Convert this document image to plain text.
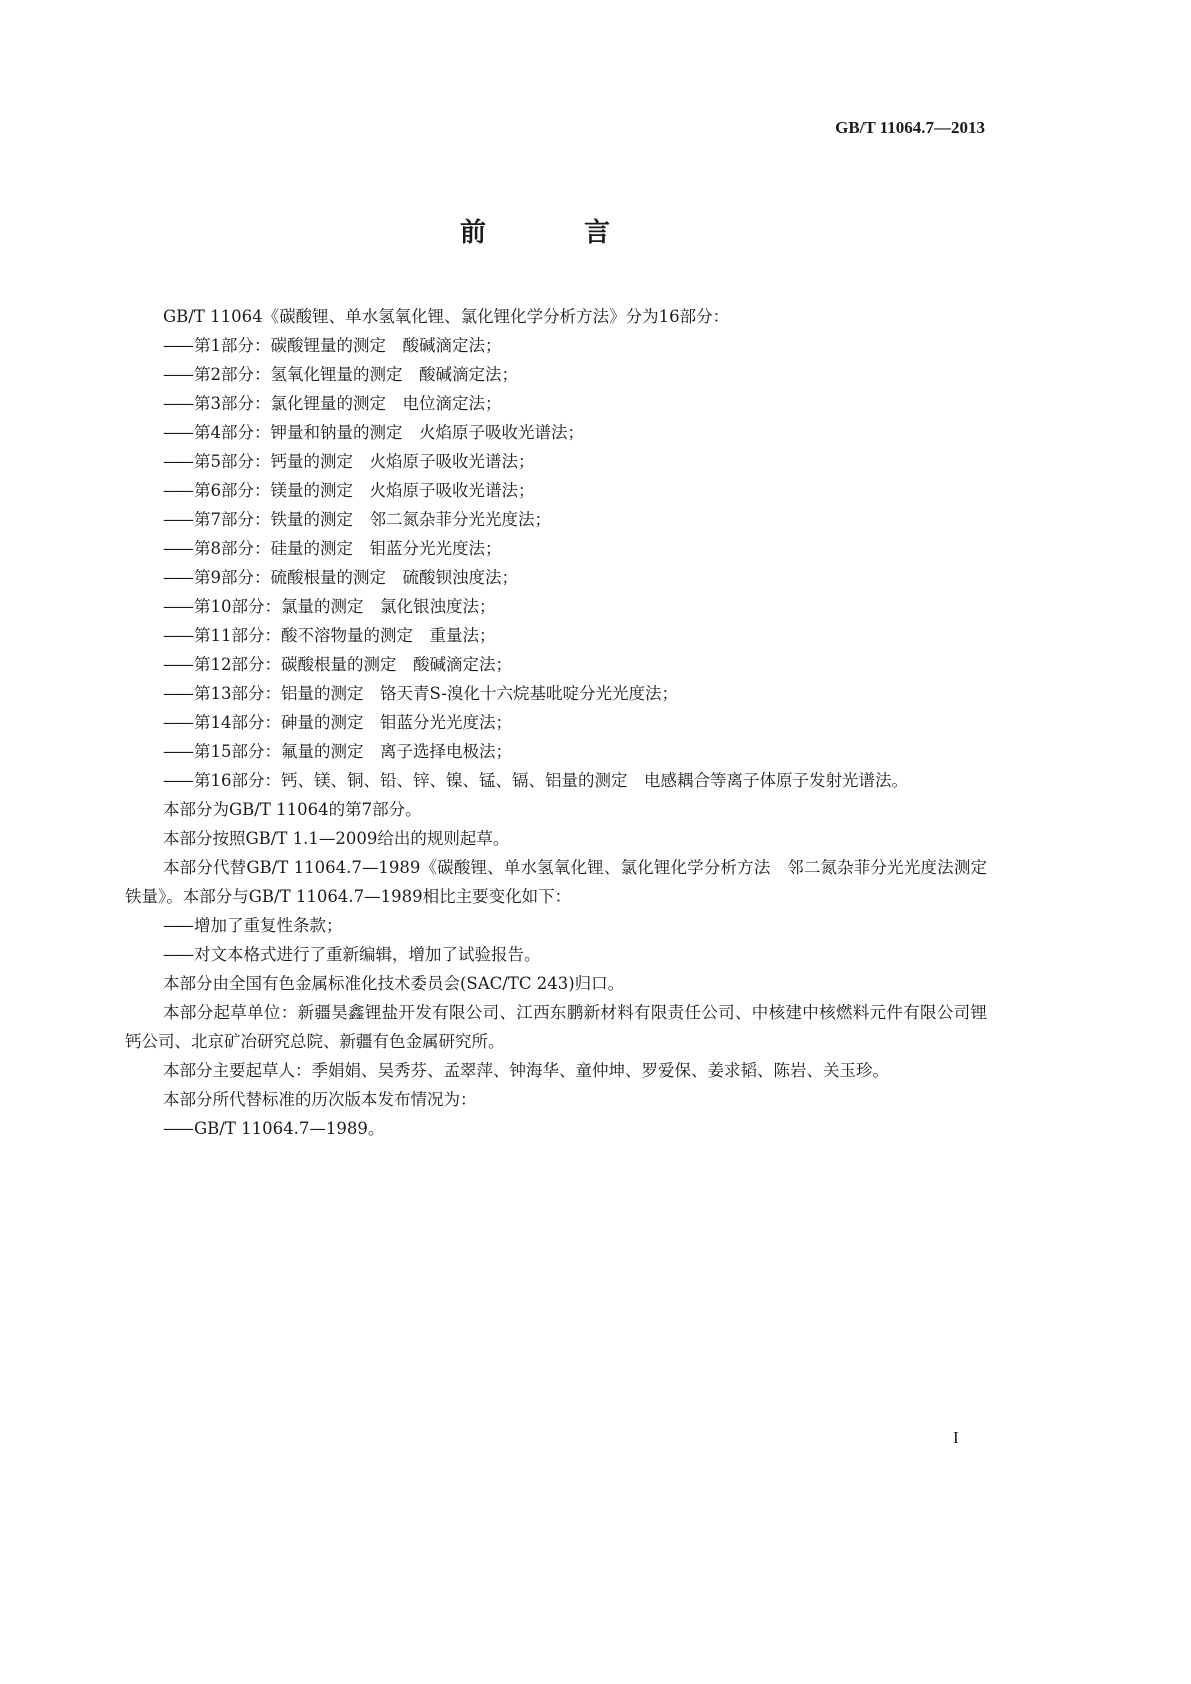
GB/T 11064.7—2013
前　言

GB/T 11064《碳酸锂、单水氢氧化锂、氯化锂化学分析方法》分为16部分：

—— 第1部分：碳酸锂量的测定　酸碱滴定法；

—— 第2部分：氢氧化锂量的测定　酸碱滴定法；

—— 第3部分：氯化锂量的测定　电位滴定法；

—— 第4部分：钾量和钠量的测定　火焰原子吸收光谱法；

—— 第5部分：钙量的测定　火焰原子吸收光谱法；

—— 第6部分：镁量的测定　火焰原子吸收光谱法；

—— 第7部分：铁量的测定　邻二氮杂菲分光光度法；

—— 第8部分：硅量的测定　钼蓝分光光度法；

—— 第9部分：硫酸根量的测定　硫酸钡浊度法；

—— 第10部分：氯量的测定　氯化银浊度法；

—— 第11部分：酸不溶物量的测定　重量法；

—— 第12部分：碳酸根量的测定　酸碱滴定法；

—— 第13部分：铝量的测定　铬天青S-溴化十六烷基吡啶分光光度法；

—— 第14部分：砷量的测定　钼蓝分光光度法；

—— 第15部分：氟量的测定　离子选择电极法；

—— 第16部分：钙、镁、铜、铅、锌、镍、锰、镉、铝量的测定　电感耦合等离子体原子发射光谱法。

本部分为GB/T 11064的第7部分。

本部分按照GB/T 1.1—2009给出的规则起草。

本部分代替GB/T 11064.7—1989《碳酸锂、单水氢氧化锂、氯化锂化学分析方法　邻二氮杂菲分光光度法测定铁量》。本部分与GB/T 11064.7—1989相比主要变化如下：

—— 增加了重复性条款；

—— 对文本格式进行了重新编辑，增加了试验报告。

本部分由全国有色金属标准化技术委员会(SAC/TC 243)归口。

本部分起草单位：新疆昊鑫锂盐开发有限公司、江西东鹏新材料有限责任公司、中核建中核燃料元件有限公司锂钙公司、北京矿冶研究总院、新疆有色金属研究所。

本部分主要起草人：季娟娟、吴秀芬、孟翠萍、钟海华、童仲坤、罗爱保、姜求韬、陈岩、关玉珍。

本部分所代替标准的历次版本发布情况为：

—— GB/T 11064.7—1989。

I
